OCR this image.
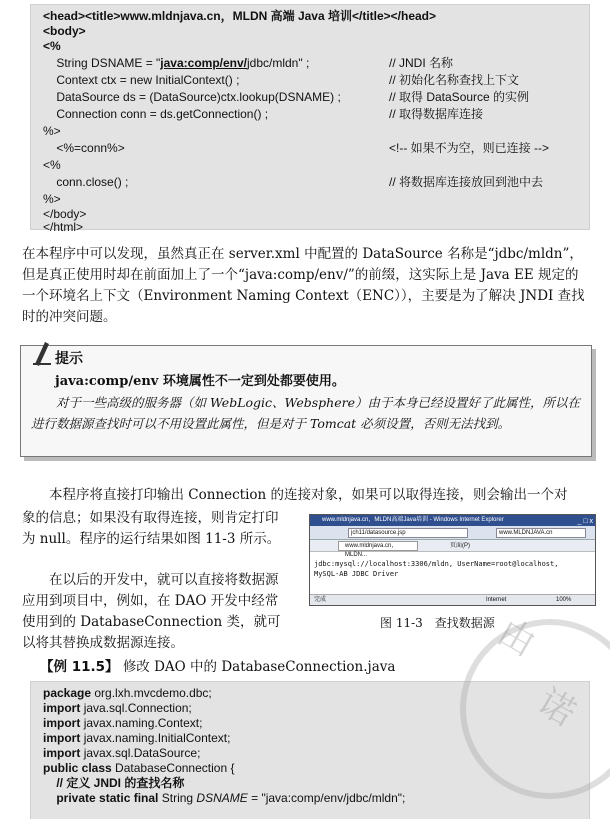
<head><title>www.mldnjava.cn，MLDN 高端 Java 培训</title></head>
<body>
<%
String DSNAME = "java:comp/env/jdbc/mldn" ;	// JNDI 名称
Context ctx = new InitialContext() ;	// 初始化名称查找上下文
DataSource ds = (DataSource)ctx.lookup(DSNAME) ;	// 取得 DataSource 的实例
Connection conn = ds.getConnection() ;	// 取得数据库连接
%>
<%=conn%>	<!-- 如果不为空，则已连接 -->
<%
conn.close() ;	// 将数据库连接放回到池中去
%>
</body>
</html>
在本程序中可以发现，虽然真正在 server.xml 中配置的 DataSource 名称是“jdbc/mldn”，但是真正使用时却在前面加上了一个“java:comp/env/”的前缀，这实际上是 Java EE 规定的一个环境名上下文（Environment Naming Context（ENC）），主要是为了解决 JNDI 查找时的冲突问题。
提示
java:comp/env 环境属性不一定到处都要使用。
对于一些高级的服务器（如 WebLogic、Websphere）由于本身已经设置好了此属性，所以在进行数据源查找时可以不用设置此属性，但是对于 Tomcat 必须设置，否则无法找到。
本程序将直接打印输出 Connection 的连接对象，如果可以取得连接，则会输出一个对
象的信息；如果没有取得连接，则肯定打印为 null。程序的运行结果如图 11-3 所示。
在以后的开发中，就可以直接将数据源应用到项目中，例如，在 DAO 开发中经常使用到的 DatabaseConnection 类，就可以将其替换成数据源连接。
www.mldnjava.cn，MLDN高端Java培训 - Windows Internet Explorer	_ □ x
jch11/datasource.jsp	www.MLDNJAVA.cn
www.mldnjava.cn，MLDN...
页面(P)
jdbc:mysql://localhost:3306/mldn, UserName=root@localhost,
MySQL-AB JDBC Driver
完成	Internet	100%
图 11-3　查找数据源
【例 11.5】 修改 DAO 中的 DatabaseConnection.java
package org.lxh.mvcdemo.dbc;
import java.sql.Connection;
import javax.naming.Context;
import javax.naming.InitialContext;
import javax.sql.DataSource;
public class DatabaseConnection {
// 定义 JNDI 的查找名称
private static final String DSNAME = "java:comp/env/jdbc/mldn";
由
诺
